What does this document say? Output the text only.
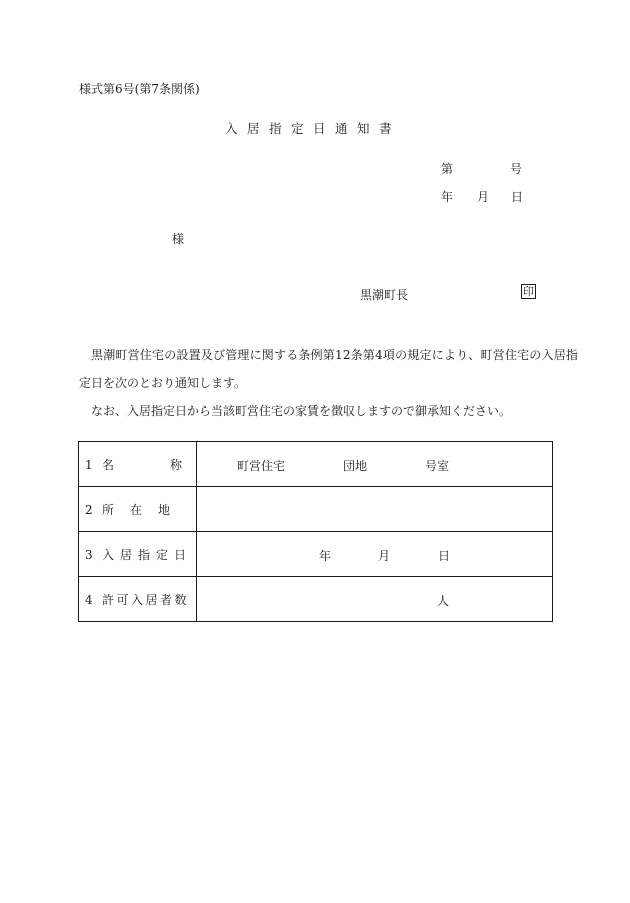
様式第6号(第7条関係)
入居指定日通知書
第	号
年 月 日
様
黒潮町長	印
黒潮町営住宅の設置及び管理に関する条例第12条第4項の規定により、町営住宅の入居指
定日を次のとおり通知します。
なお、入居指定日から当該町営住宅の家賃を徴収しますので御承知ください。
1 名 称	町営住宅 団地 号室

2 所 在 地	
3 入居指定日	年 月 日

4 許可入居者数	人
